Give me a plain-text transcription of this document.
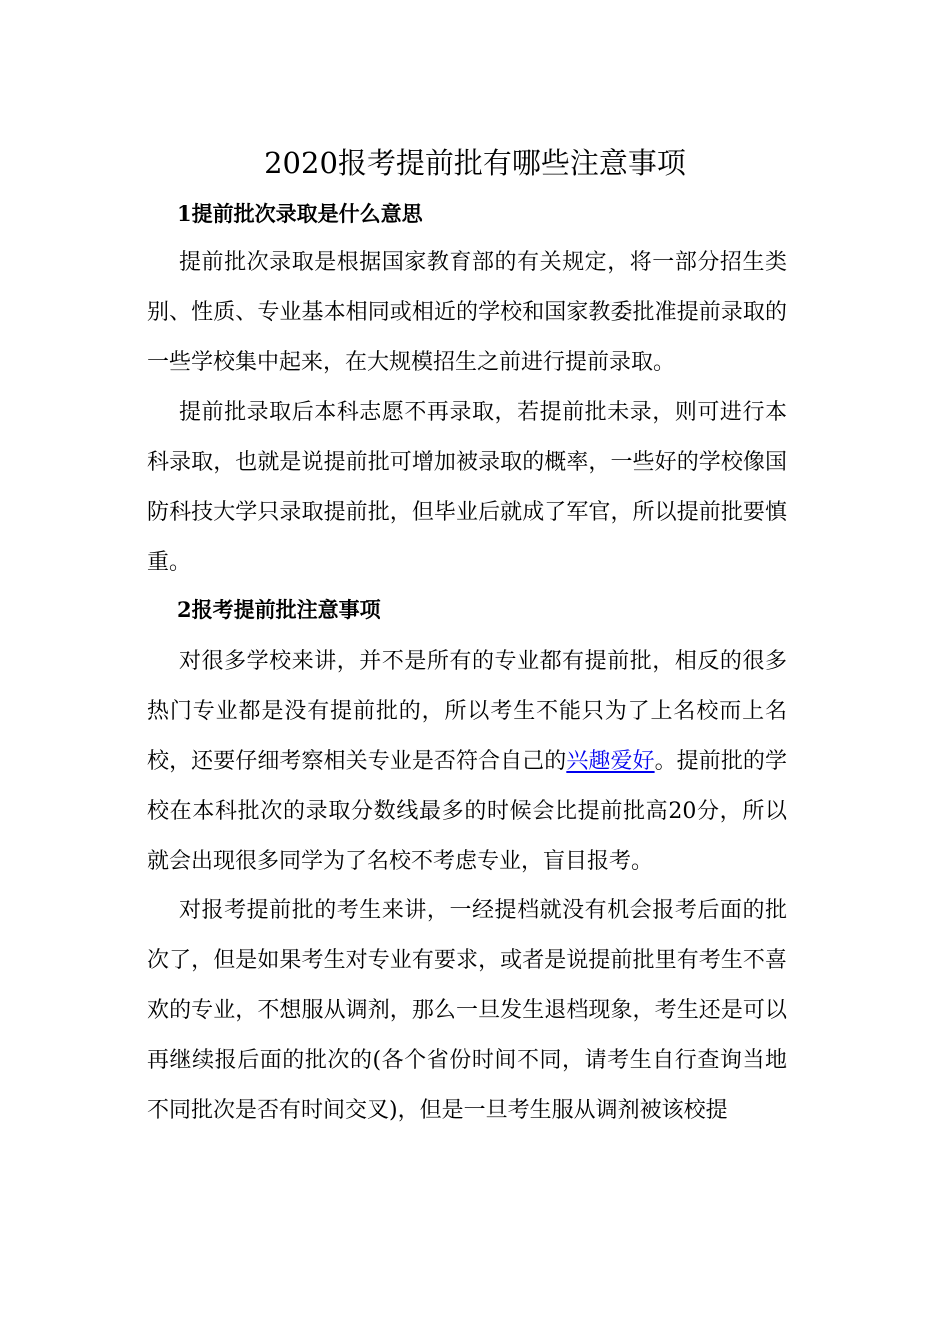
2020报考提前批有哪些注意事项
1提前批次录取是什么意思

提前批次录取是根据国家教育部的有关规定，将一部分招生类别、性质、专业基本相同或相近的学校和国家教委批准提前录取的一些学校集中起来，在大规模招生之前进行提前录取。

提前批录取后本科志愿不再录取，若提前批未录，则可进行本科录取，也就是说提前批可增加被录取的概率，一些好的学校像国防科技大学只录取提前批，但毕业后就成了军官，所以提前批要慎重。

2报考提前批注意事项

对很多学校来讲，并不是所有的专业都有提前批，相反的很多热门专业都是没有提前批的，所以考生不能只为了上名校而上名校，还要仔细考察相关专业是否符合自己的兴趣爱好。提前批的学校在本科批次的录取分数线最多的时候会比提前批高20分，所以就会出现很多同学为了名校不考虑专业，盲目报考。

对报考提前批的考生来讲，一经提档就没有机会报考后面的批次了，但是如果考生对专业有要求，或者是说提前批里有考生不喜欢的专业，不想服从调剂，那么一旦发生退档现象，考生还是可以再继续报后面的批次的(各个省份时间不同，请考生自行查询当地不同批次是否有时间交叉)，但是一旦考生服从调剂被该校提
